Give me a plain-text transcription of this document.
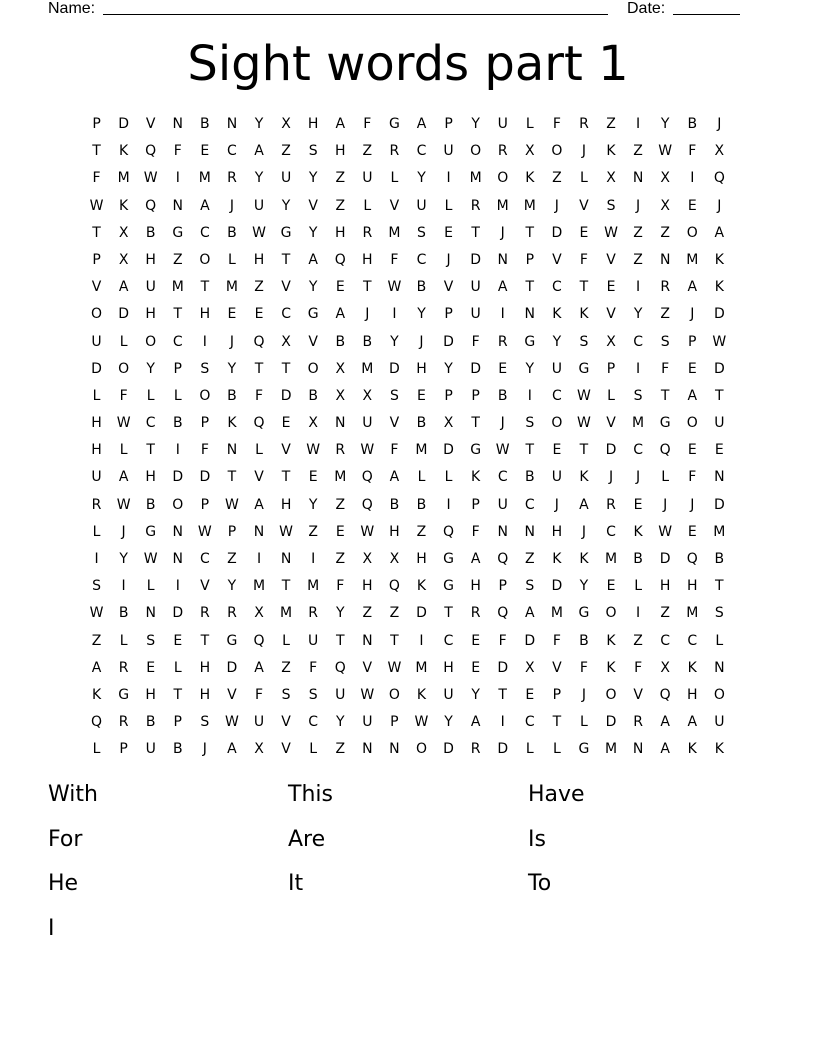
Name:	Date:
Sight words part 1
P	D	V	N	B	N	Y	X	H	A	F	G	A	P	Y	U	L	F	R	Z	I	Y	B	J
T	K	Q	F	E	C	A	Z	S	H	Z	R	C	U	O	R	X	O	J	K	Z	W	F	X
F	M	W	I	M	R	Y	U	Y	Z	U	L	Y	I	M	O	K	Z	L	X	N	X	I	Q
W	K	Q	N	A	J	U	Y	V	Z	L	V	U	L	R	M	M	J	V	S	J	X	E	J
T	X	B	G	C	B	W	G	Y	H	R	M	S	E	T	J	T	D	E	W	Z	Z	O	A
P	X	H	Z	O	L	H	T	A	Q	H	F	C	J	D	N	P	V	F	V	Z	N	M	K
V	A	U	M	T	M	Z	V	Y	E	T	W	B	V	U	A	T	C	T	E	I	R	A	K
O	D	H	T	H	E	E	C	G	A	J	I	Y	P	U	I	N	K	K	V	Y	Z	J	D
U	L	O	C	I	J	Q	X	V	B	B	Y	J	D	F	R	G	Y	S	X	C	S	P	W
D	O	Y	P	S	Y	T	T	O	X	M	D	H	Y	D	E	Y	U	G	P	I	F	E	D
L	F	L	L	O	B	F	D	B	X	X	S	E	P	P	B	I	C	W	L	S	T	A	T
H	W	C	B	P	K	Q	E	X	N	U	V	B	X	T	J	S	O	W	V	M	G	O	U
H	L	T	I	F	N	L	V	W	R	W	F	M	D	G	W	T	E	T	D	C	Q	E	E
U	A	H	D	D	T	V	T	E	M	Q	A	L	L	K	C	B	U	K	J	J	L	F	N
R	W	B	O	P	W	A	H	Y	Z	Q	B	B	I	P	U	C	J	A	R	E	J	J	D
L	J	G	N	W	P	N	W	Z	E	W	H	Z	Q	F	N	N	H	J	C	K	W	E	M
I	Y	W	N	C	Z	I	N	I	Z	X	X	H	G	A	Q	Z	K	K	M	B	D	Q	B
S	I	L	I	V	Y	M	T	M	F	H	Q	K	G	H	P	S	D	Y	E	L	H	H	T
W	B	N	D	R	R	X	M	R	Y	Z	Z	D	T	R	Q	A	M	G	O	I	Z	M	S
Z	L	S	E	T	G	Q	L	U	T	N	T	I	C	E	F	D	F	B	K	Z	C	C	L
A	R	E	L	H	D	A	Z	F	Q	V	W	M	H	E	D	X	V	F	K	F	X	K	N
K	G	H	T	H	V	F	S	S	U	W	O	K	U	Y	T	E	P	J	O	V	Q	H	O
Q	R	B	P	S	W	U	V	C	Y	U	P	W	Y	A	I	C	T	L	D	R	A	A	U
L	P	U	B	J	A	X	V	L	Z	N	N	O	D	R	D	L	L	G	M	N	A	K	K
With	This	Have
For	Are	Is
He	It	To
I
